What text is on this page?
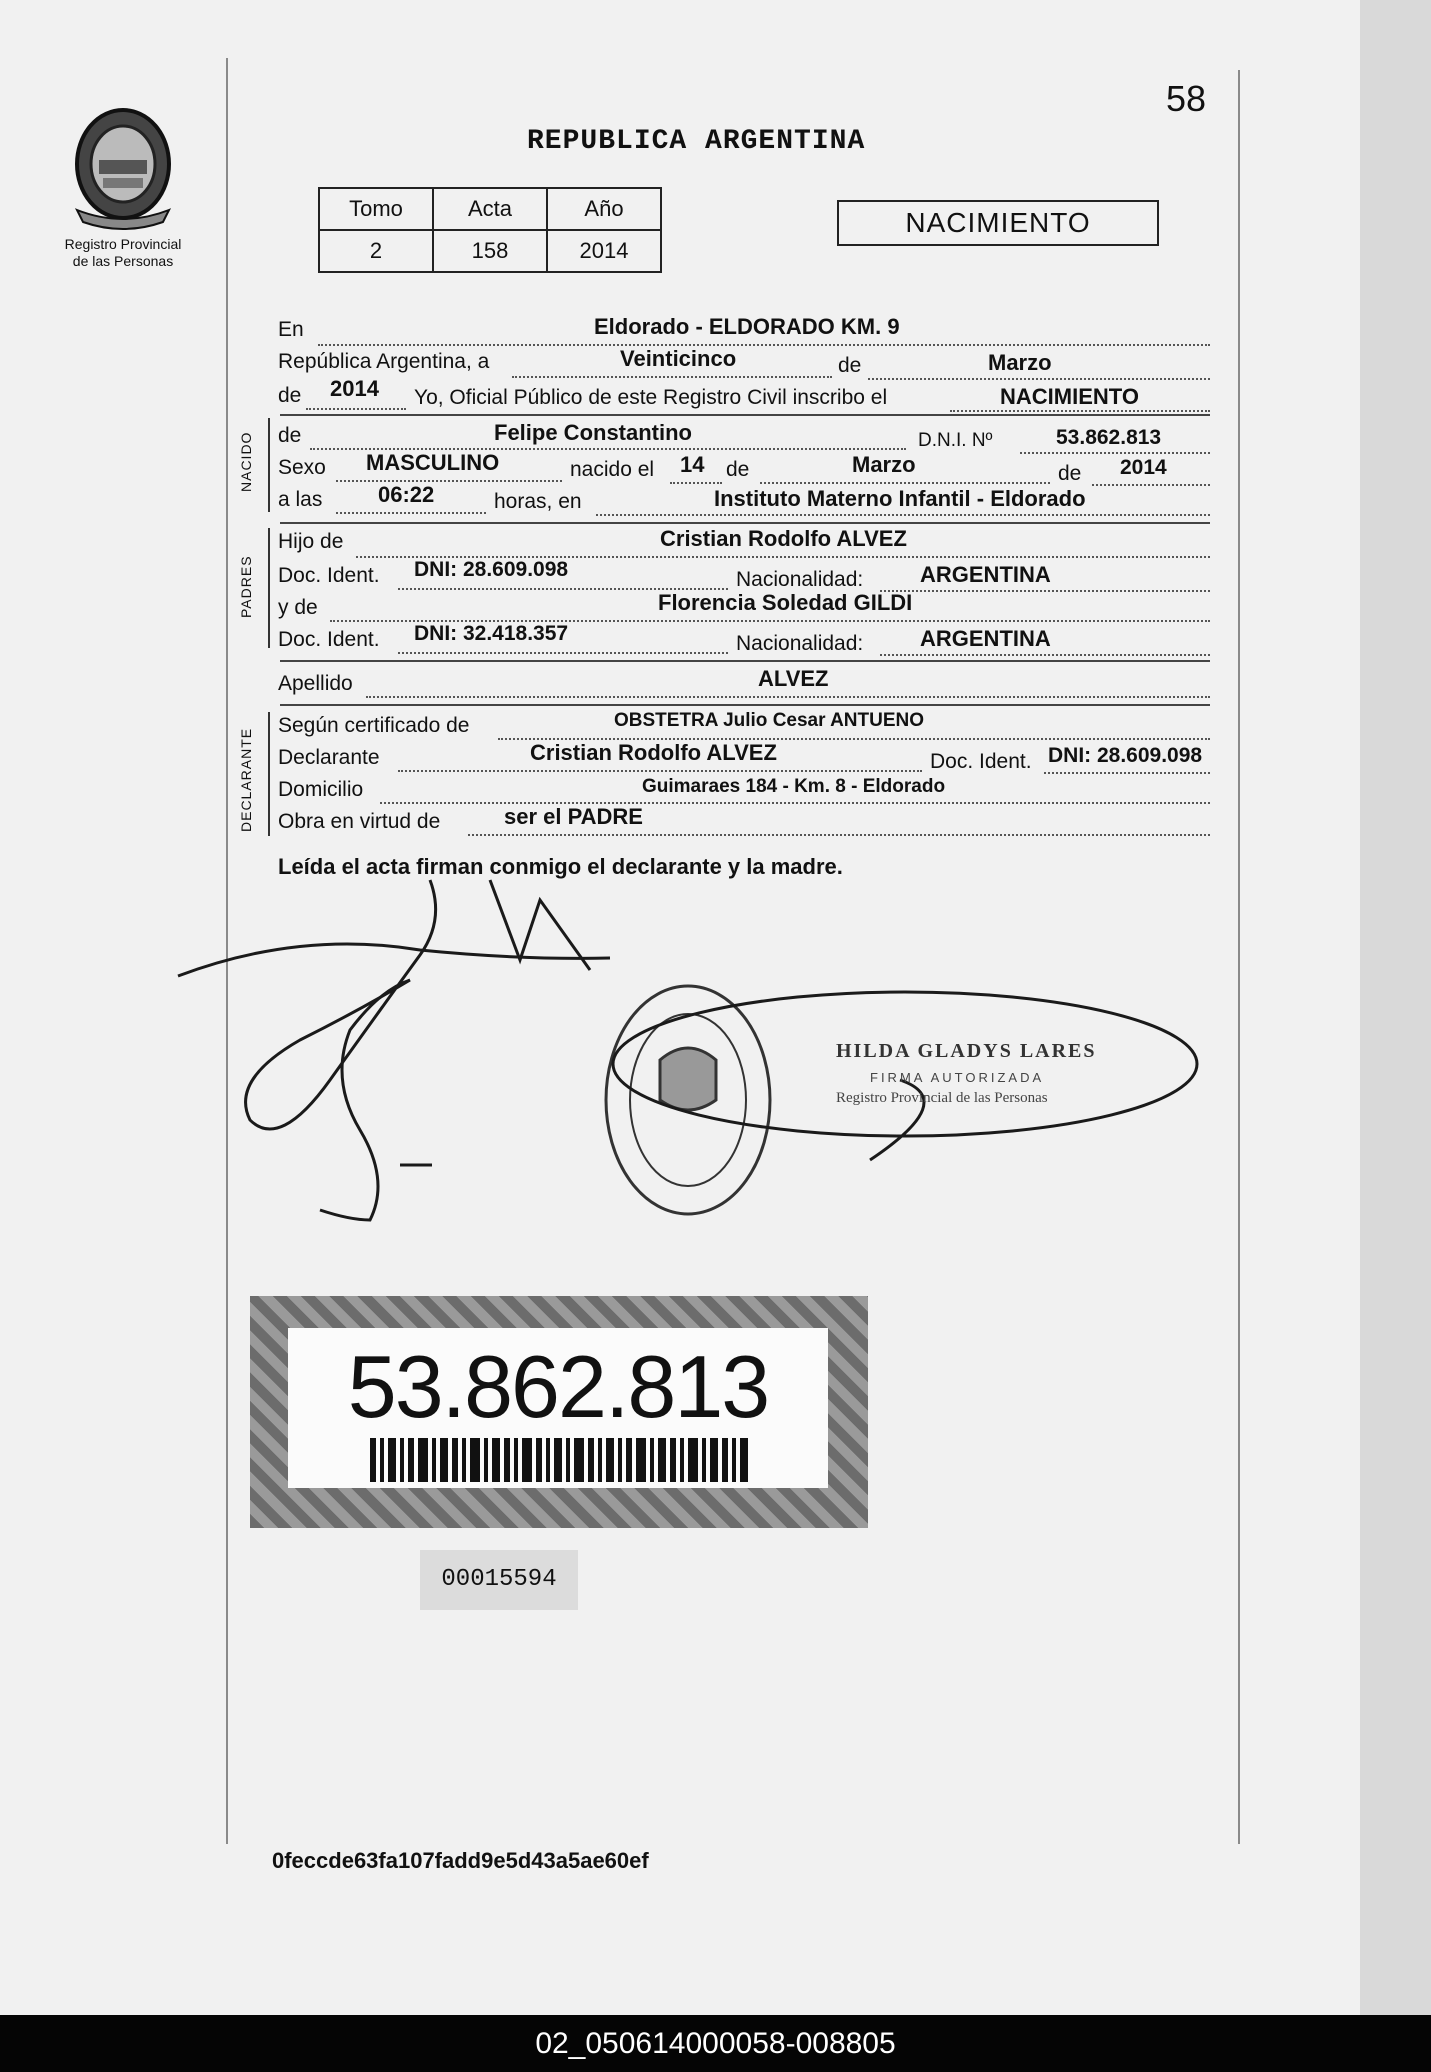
Registro Provincial
de las Personas
58
REPUBLICA ARGENTINA
Tomo	Acta	Año
2	158	2014
NACIMIENTO
En	Eldorado - ELDORADO KM. 9
República Argentina, a	Veinticinco	de	Marzo
de 2014 Yo, Oficial Público de este Registro Civil inscribo el	NACIMIENTO
NACIDO de	Felipe Constantino	D.N.I. Nº	53.862.813
Sexo MASCULINO	nacido el 14 de	Marzo	de 2014
a las	06:22	horas, en	Instituto Materno Infantil - Eldorado
PADRES
Hijo de	Cristian Rodolfo ALVEZ
Doc. Ident. DNI: 28.609.098	Nacionalidad:	ARGENTINA
y de	Florencia Soledad GILDI
Doc. Ident. DNI: 32.418.357	Nacionalidad:	ARGENTINA
Apellido	ALVEZ
DECLARANTE
Según certificado de	OBSTETRA Julio Cesar ANTUENO
Declarante	Cristian Rodolfo ALVEZ	Doc. Ident. DNI: 28.609.098
Domicilio	Guimaraes 184 - Km. 8 - Eldorado
Obra en virtud de	ser el PADRE
Leída el acta firman conmigo el declarante y la madre.
HILDA GLADYS LARES
FIRMA AUTORIZADA
Registro Provincial de las Personas
53.862.813
00015594
0feccde63fa107fadd9e5d43a5ae60ef
02_050614000058-008805
